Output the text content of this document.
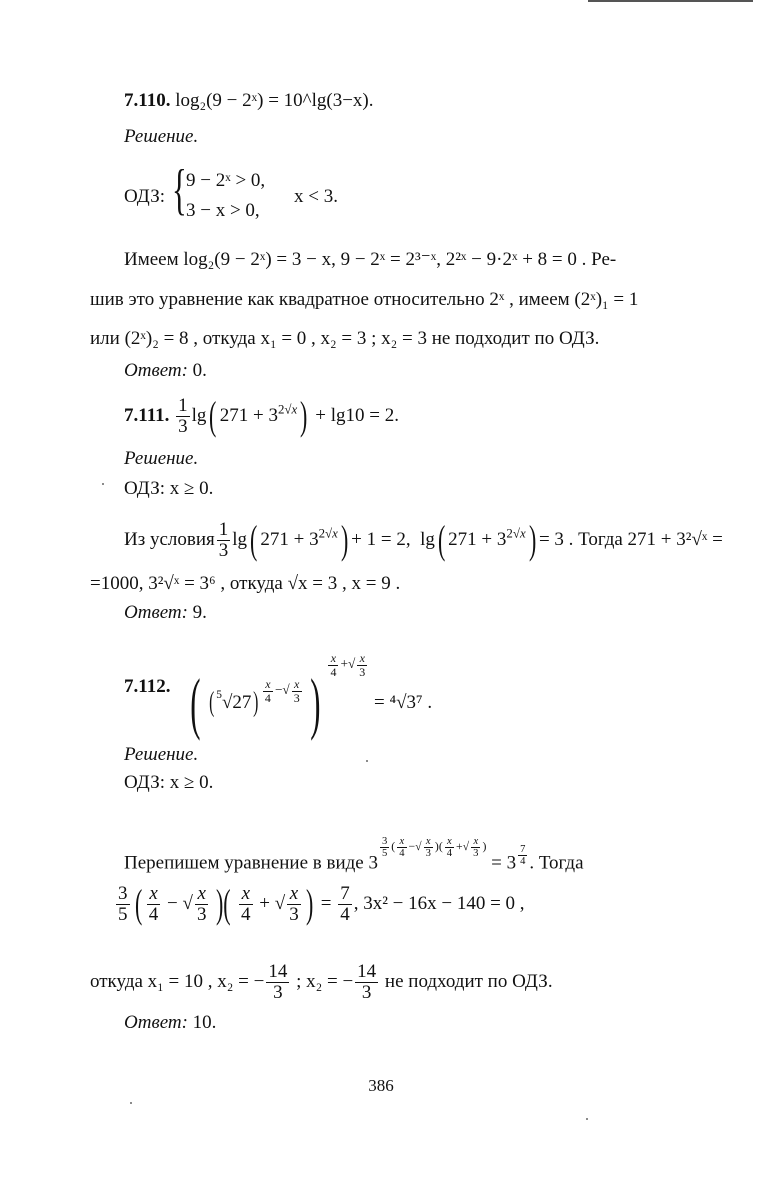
7.110. log₂(9 − 2ˣ) = 10^lg(3−x).
Решение.
ОДЗ: { 9 − 2ˣ > 0,
3 − x > 0,
x < 3.
Имеем log₂(9 − 2ˣ) = 3 − x, 9 − 2ˣ = 2³⁻ˣ, 2²ˣ − 9·2ˣ + 8 = 0 . Ре-
шив это уравнение как квадратное относительно 2ˣ , имеем (2ˣ)₁ = 1
или (2ˣ)₂ = 8 , откуда x₁ = 0 , x₂ = 3 ; x₂ = 3 не подходит по ОДЗ.
Ответ: 0.
7.111. $\frac{1}{3} \lg$( $271 + 3^{2√x}) + \lg 10 = 2$.
Решение.
ОДЗ: x ≥ 0.
Из условия $\frac{1}{3} \lg$( $271 + 3^{2√x}) + 1 = 2$,  lg( $271 + 3^{2√x}) = 3$ . Тогда 271 + 3²√ˣ =
=1000, 3²√ˣ = 3⁶ , откуда √x = 3 , x = 9 .
Ответ: 9.
7.112. ( ( $^5$√27) $^{\frac{x}{4} -√ \frac{x}{3}}$ )
$^{\frac{x}{4} +√ \frac{x}{3}}$
= ⁴√3⁷ .
Решение.
ОДЗ: x ≥ 0.
Перепишем уравнение в виде 3
$^{\frac{3}{5} ( \frac{x}{4} -√ \frac{x}{3} )( \frac{x}{4} +√ \frac{x}{3} )}$ = 3 $^{\frac{7}{4}}$ . Тогда
$\frac{3}{5}$ ( $\frac{x}{4}$ − √ $\frac{x}{3}$ )( $\frac{x}{4}$ + √ $\frac{x}{3}$ ) = $\frac{7}{4}$ , 3x² − 16x − 140 = 0 ,
откуда x₁ = 10 , x₂ = − $\frac{14}{3}$ ; x₂ = − $\frac{14}{3}$ не подходит по ОДЗ.
Ответ: 10.
386
